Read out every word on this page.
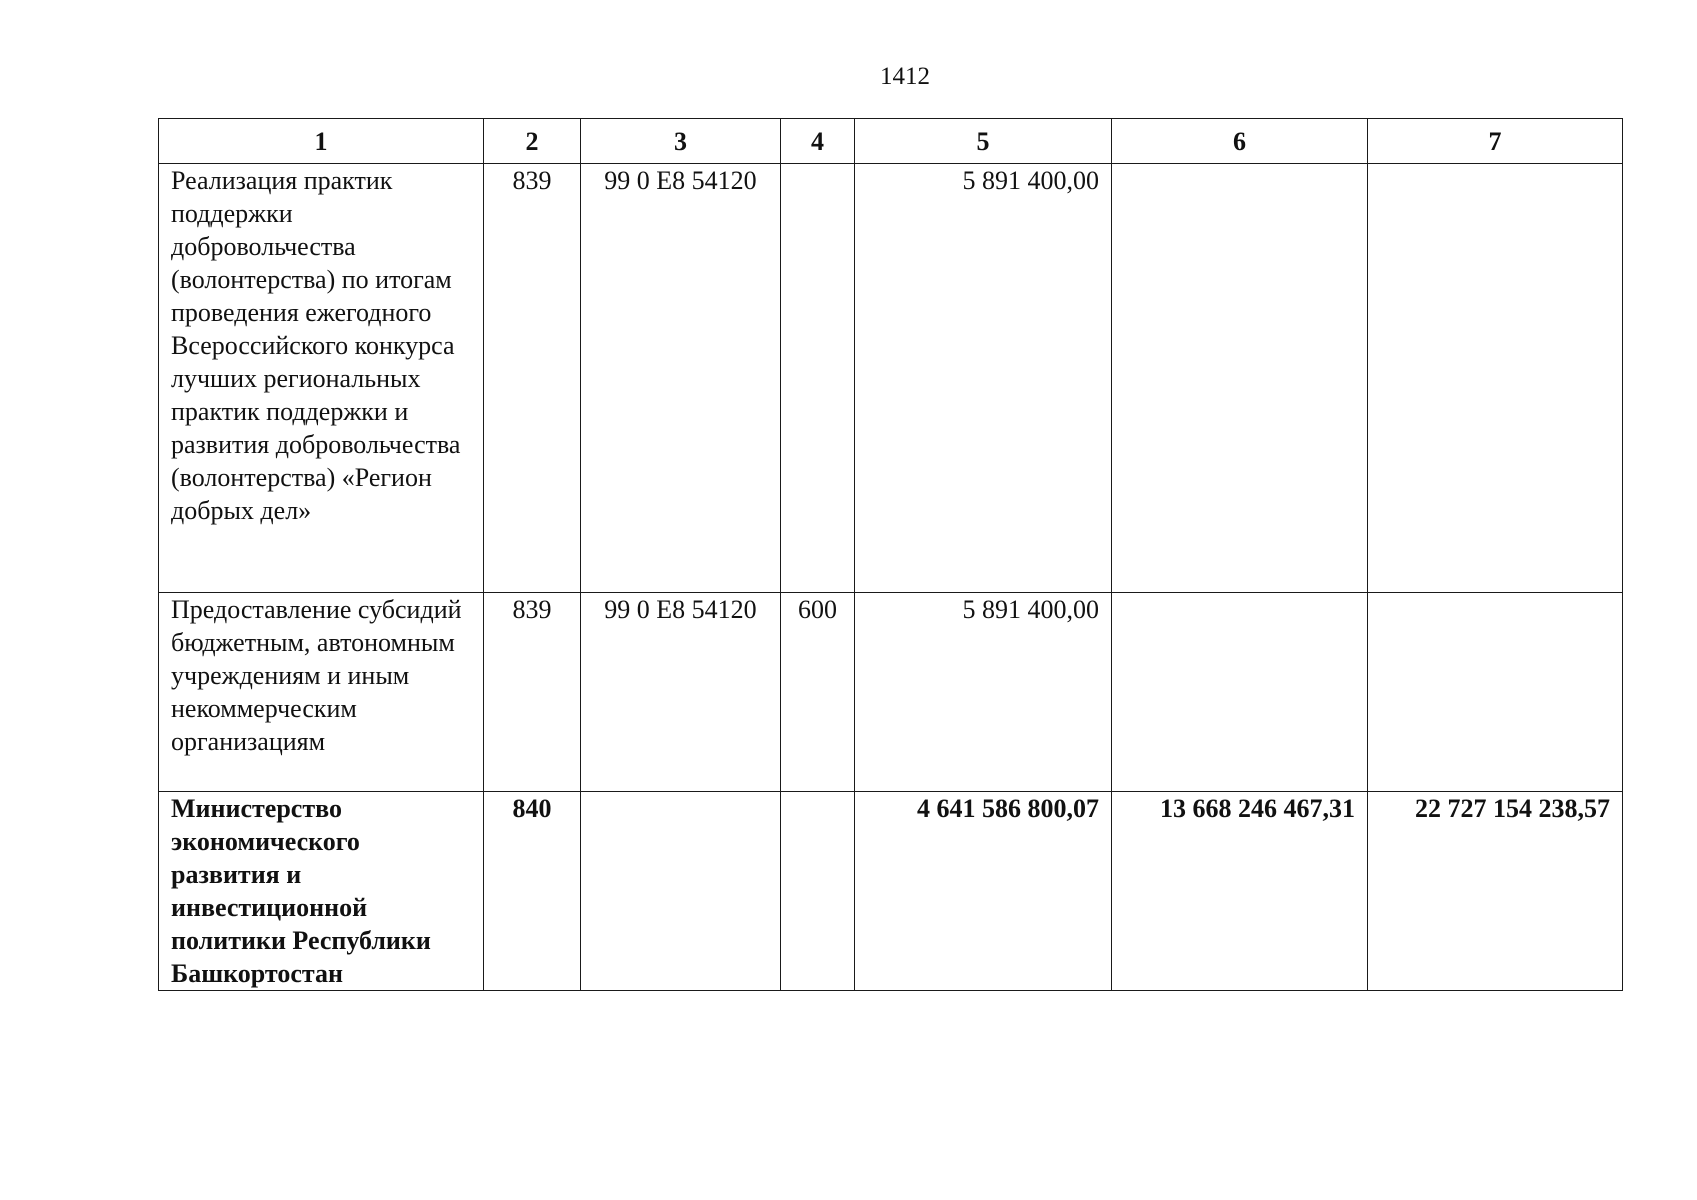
1412
1	2	3	4	5	6	7
Реализация практик поддержки добровольчества (волонтерства) по итогам проведения ежегодного Всероссийского конкурса лучших региональных практик поддержки и развития добровольчества (волонтерства) «Регион добрых дел»	839	99 0 E8 54120		5 891 400,00		
Предоставление субсидий бюджетным, автономным учреждениям и иным некоммерческим организациям	839	99 0 E8 54120	600	5 891 400,00		
Министерство экономического развития и инвестиционной политики Республики Башкортостан	840			4 641 586 800,07	13 668 246 467,31	22 727 154 238,57
